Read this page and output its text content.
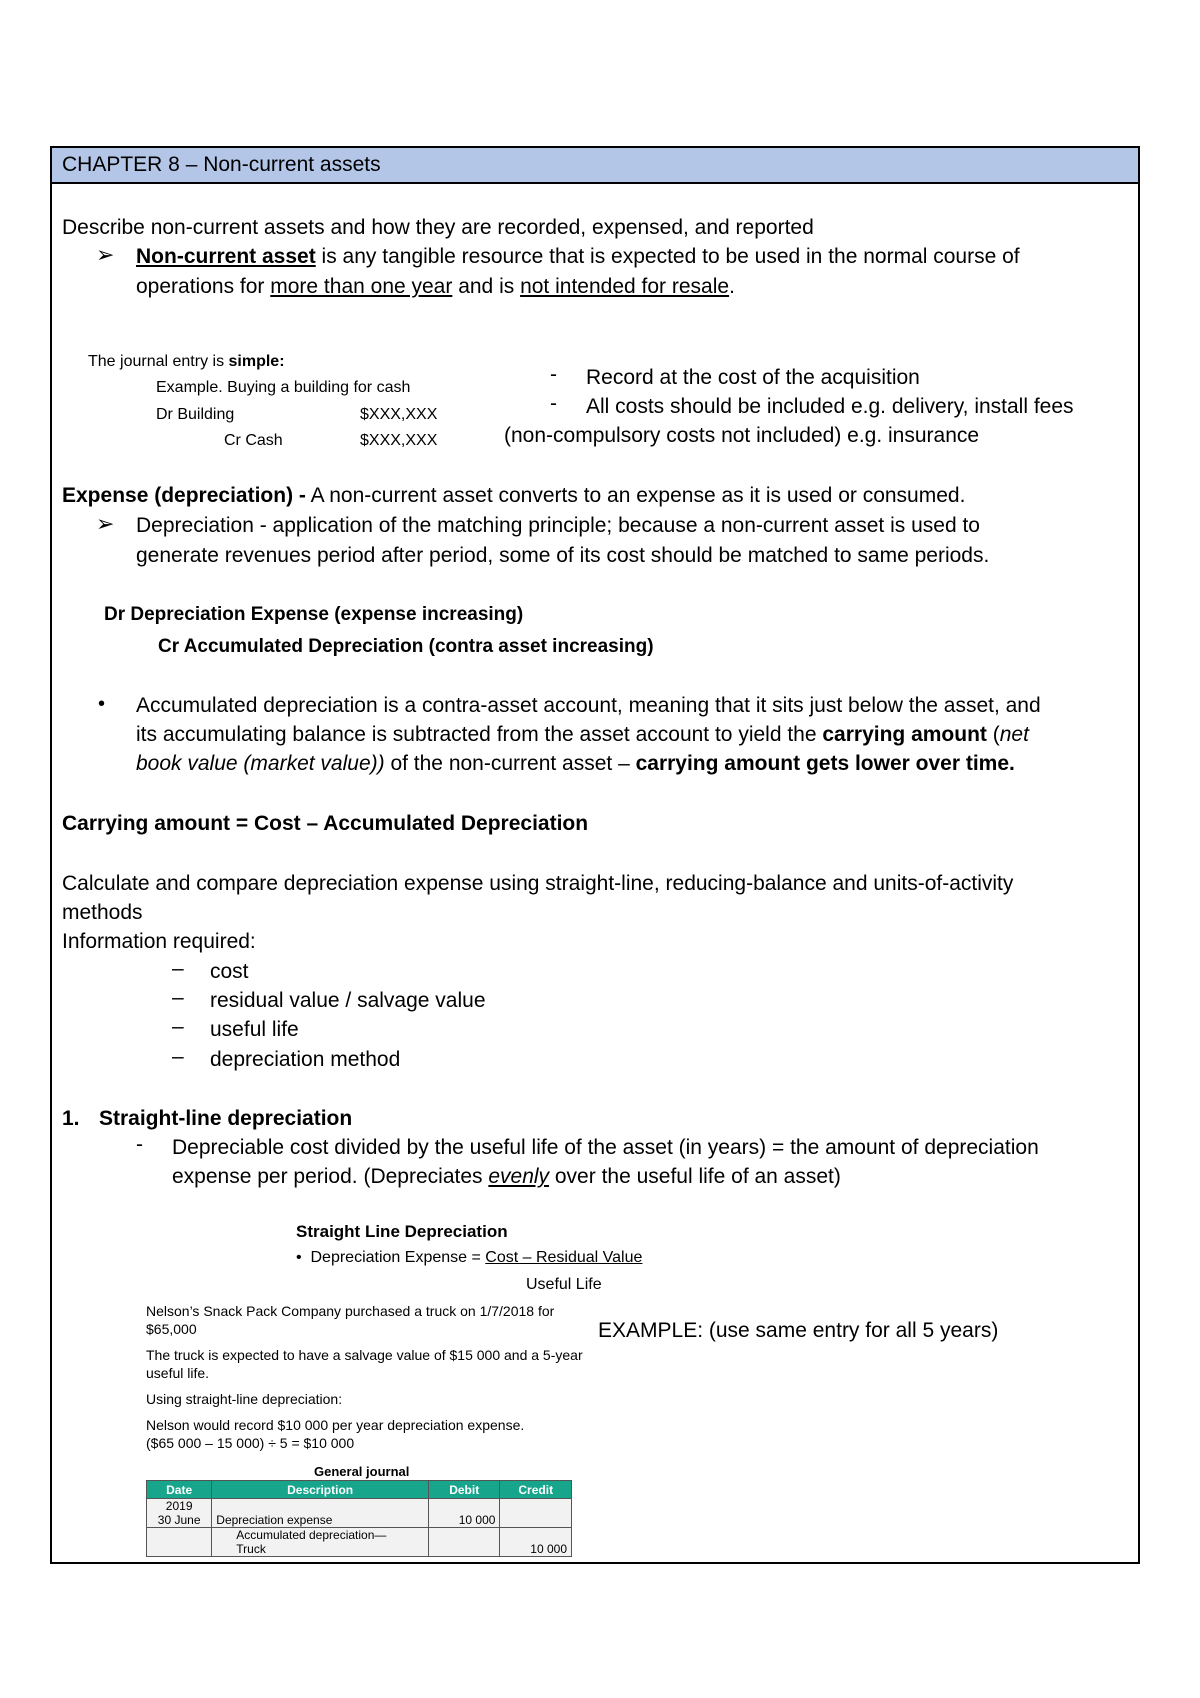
CHAPTER 8 – Non-current assets
Describe non-current assets and how they are recorded, expensed, and reported
➢ Non-current asset is any tangible resource that is expected to be used in the normal course of
operations for more than one year and is not intended for resale.
The journal entry is simple:
Example. Buying a building for cash
Dr Building	$XXX,XXX
Cr Cash	$XXX,XXX
- Record at the cost of the acquisition
- All costs should be included e.g. delivery, install fees
(non-compulsory costs not included) e.g. insurance
Expense (depreciation) - A non-current asset converts to an expense as it is used or consumed.
➢ Depreciation - application of the matching principle; because a non-current asset is used to
generate revenues period after period, some of its cost should be matched to same periods.
Dr Depreciation Expense (expense increasing)
Cr Accumulated Depreciation (contra asset increasing)
• Accumulated depreciation is a contra-asset account, meaning that it sits just below the asset, and
its accumulating balance is subtracted from the asset account to yield the carrying amount (net
book value (market value)) of the non-current asset – carrying amount gets lower over time.
Carrying amount = Cost – Accumulated Depreciation
Calculate and compare depreciation expense using straight-line, reducing-balance and units-of-activity
methods
Information required:
– cost
– residual value / salvage value
– useful life
– depreciation method
1. Straight-line depreciation
- Depreciable cost divided by the useful life of the asset (in years) = the amount of depreciation
expense per period. (Depreciates evenly over the useful life of an asset)
Straight Line Depreciation
•  Depreciation Expense = Cost – Residual Value
Useful Life
Nelson’s Snack Pack Company purchased a truck on 1/7/2018 for
$65,000
The truck is expected to have a salvage value of $15 000 and a 5-year
useful life.
Using straight-line depreciation:
Nelson would record $10 000 per year depreciation expense.
($65 000 – 15 000) ÷ 5 = $10 000
General journal
Date	Description	Debit	Credit
2019			
30 June	Depreciation expense	10 000	
	Accumulated depreciation—		
	Truck		10 000
EXAMPLE: (use same entry for all 5 years)
